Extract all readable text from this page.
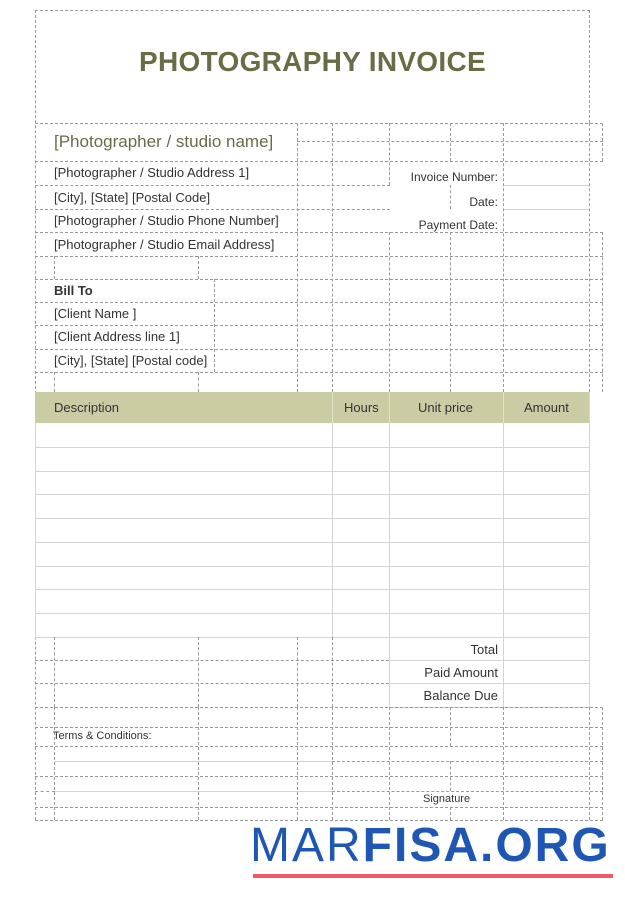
PHOTOGRAPHY INVOICE
[Photographer / studio name]
[Photographer / Studio Address 1]
[City], [State] [Postal Code]
[Photographer / Studio Phone Number]
[Photographer / Studio Email Address]
Invoice Number:
Date:
Payment Date:
Bill To
[Client Name ]
[Client Address line 1]
[City], [State] [Postal code]
Description	Hours	Unit price	Amount
Total
Paid Amount
Balance Due
Terms & Conditions:
Signature
MARFISA.ORG
